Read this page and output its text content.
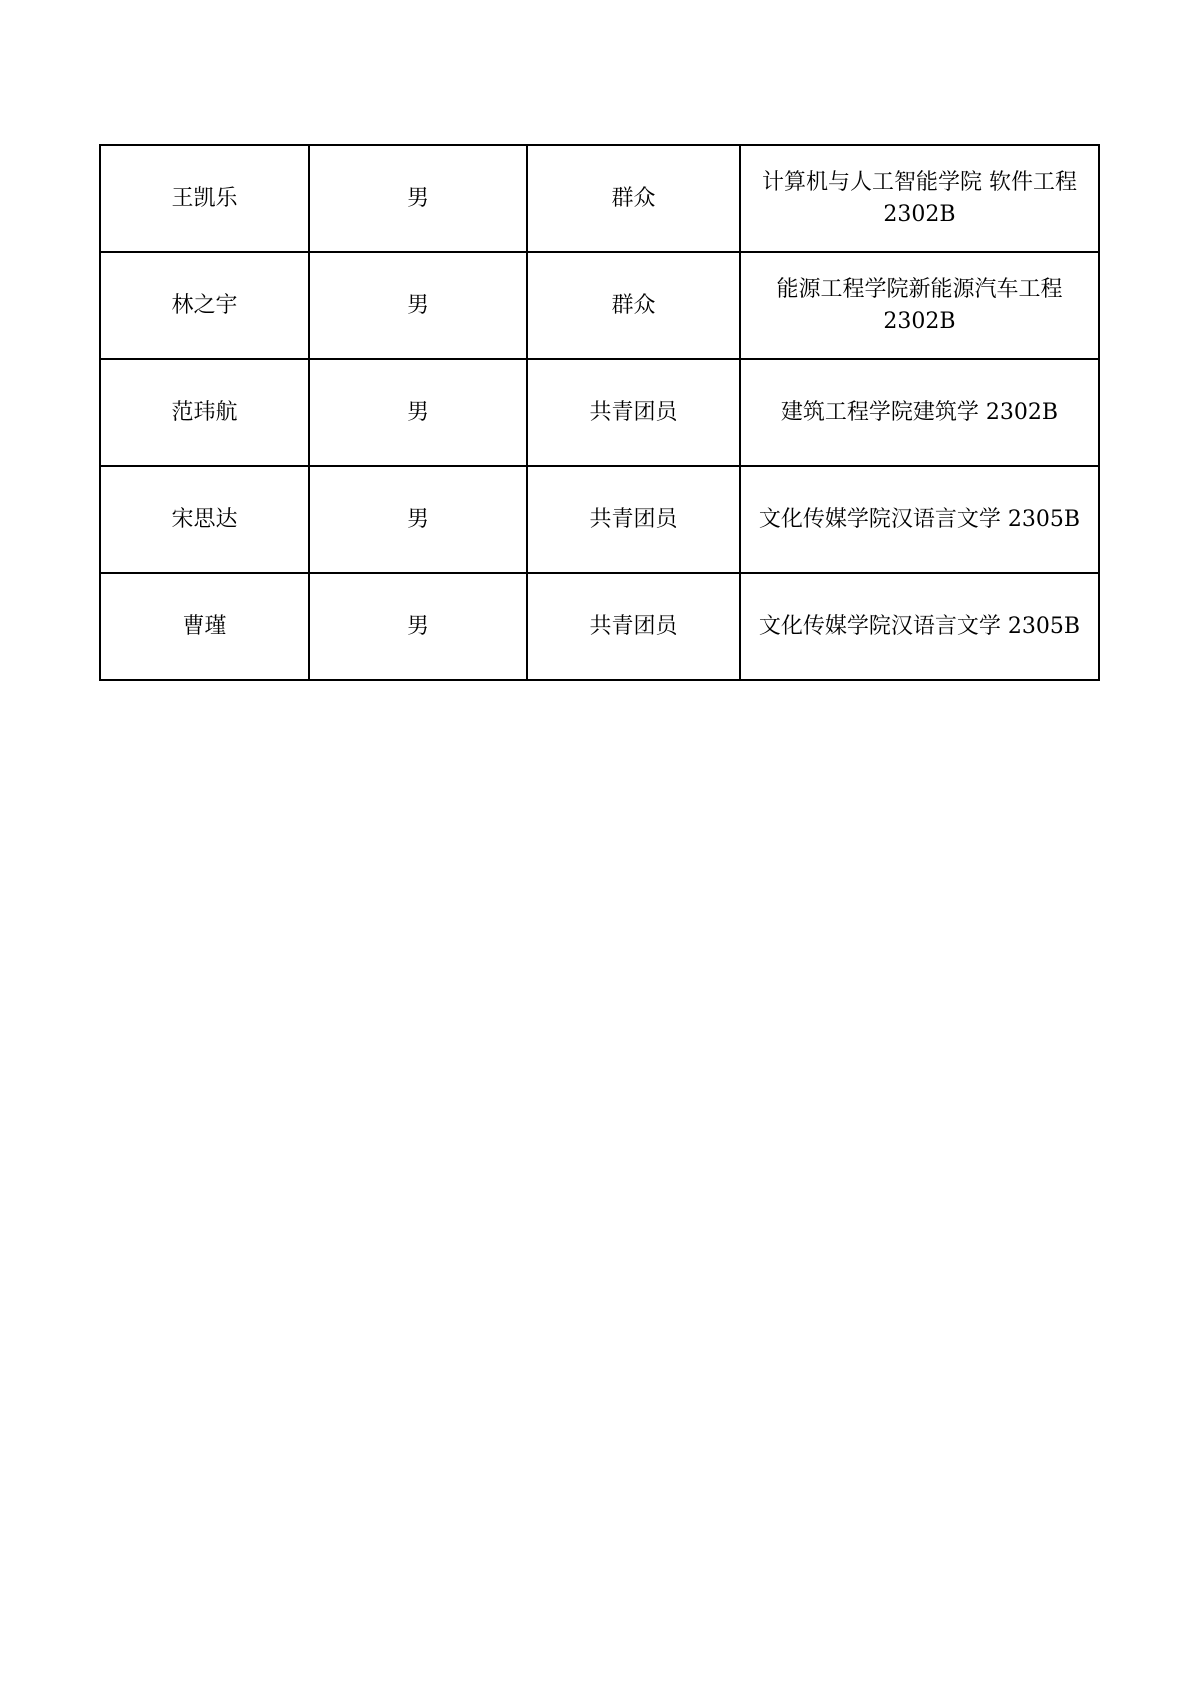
王凯乐	男	群众	计算机与人工智能学院 软件工程 2302B
林之宇	男	群众	能源工程学院新能源汽车工程 2302B
范玮航	男	共青团员	建筑工程学院建筑学 2302B
宋思达	男	共青团员	文化传媒学院汉语言文学 2305B
曹瑾	男	共青团员	文化传媒学院汉语言文学 2305B
